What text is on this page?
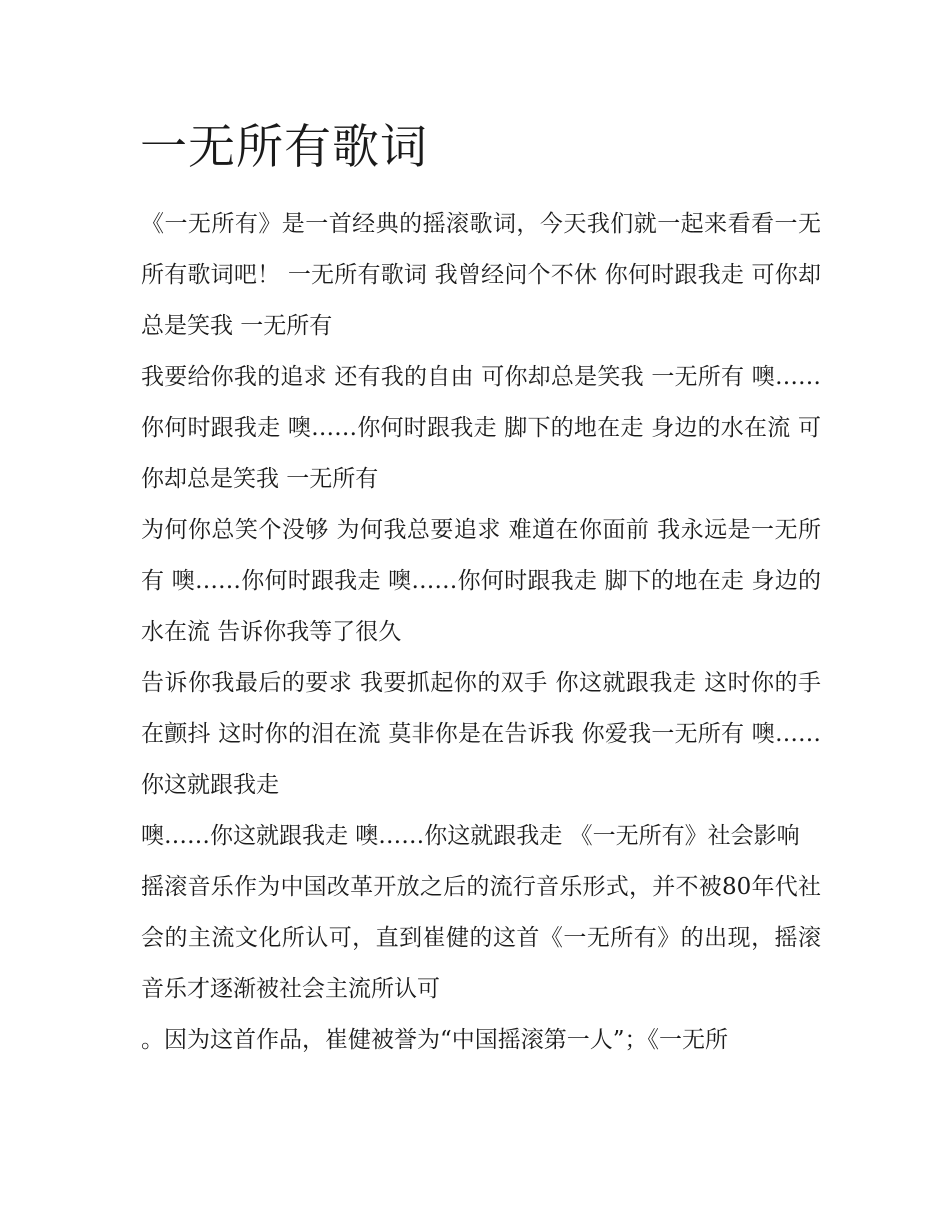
一无所有歌词

《一无所有》是一首经典的摇滚歌词，今天我们就一起来看看一无所有歌词吧！ 一无所有歌词 我曾经问个不休 你何时跟我走 可你却总是笑我 一无所有

我要给你我的追求 还有我的自由 可你却总是笑我 一无所有 噢……你何时跟我走 噢……你何时跟我走 脚下的地在走 身边的水在流 可你却总是笑我 一无所有

为何你总笑个没够 为何我总要追求 难道在你面前 我永远是一无所有 噢……你何时跟我走 噢……你何时跟我走 脚下的地在走 身边的水在流 告诉你我等了很久

告诉你我最后的要求 我要抓起你的双手 你这就跟我走 这时你的手在颤抖 这时你的泪在流 莫非你是在告诉我 你爱我一无所有 噢……你这就跟我走

噢……你这就跟我走 噢……你这就跟我走 《一无所有》社会影响

摇滚音乐作为中国改革开放之后的流行音乐形式，并不被80年代社会的主流文化所认可，直到崔健的这首《一无所有》的出现，摇滚音乐才逐渐被社会主流所认可

。因为这首作品，崔健被誉为“中国摇滚第一人”；《一无所
